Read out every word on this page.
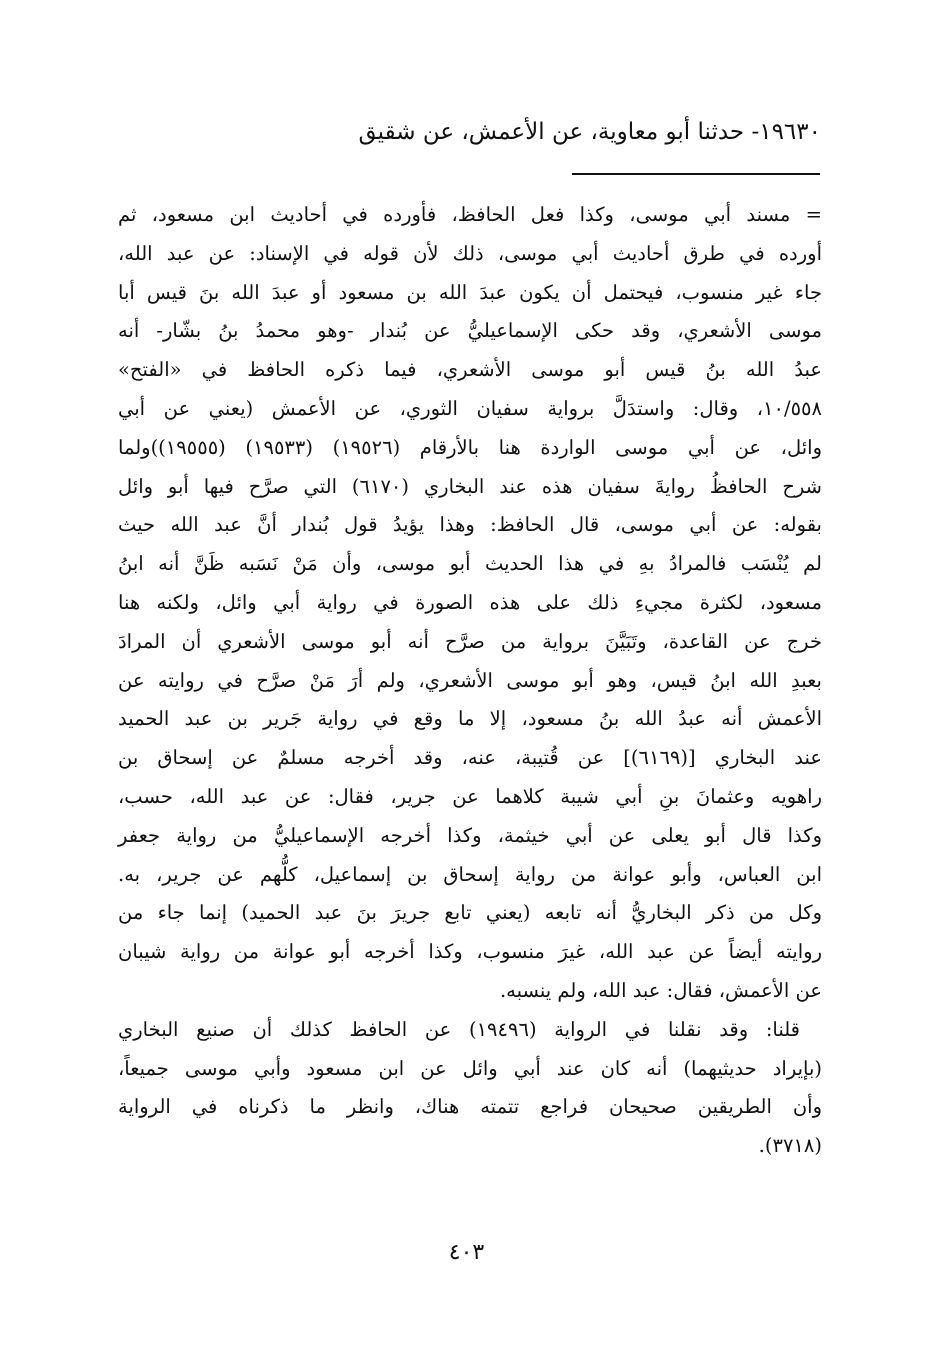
١٩٦٣٠- حدثنا أبو معاوية، عن الأعمش، عن شقيق
= مسند أبي موسى، وكذا فعل الحافظ، فأورده في أحاديث ابن مسعود، ثم
أورده في طرق أحاديث أبي موسى، ذلك لأن قوله في الإسناد: عن عبد الله،
جاء غير منسوب، فيحتمل أن يكون عبدَ الله بن مسعود أو عبدَ الله بنَ قيس أبا
موسى الأشعري، وقد حكى الإسماعيليُّ عن بُندار -وهو محمدُ بنُ بشّار- أنه
عبدُ الله بنُ قيس أبو موسى الأشعري، فيما ذكره الحافظ في «الفتح»
١٠/٥٥٨، وقال: واستدَلَّ برواية سفيان الثوري، عن الأعمش (يعني عن أبي
وائل، عن أبي موسى الواردة هنا بالأرقام (١٩٥٢٦) (١٩٥٣٣) (١٩٥٥٥))ولما
شرح الحافظُ روايةَ سفيان هذه عند البخاري (٦١٧٠) التي صرَّح فيها أبو وائل
بقوله: عن أبي موسى، قال الحافظ: وهذا يؤيدُ قول بُندار أنَّ عبد الله حيث
لم يُنْسَب فالمرادُ بهِ في هذا الحديث أبو موسى، وأن مَنْ نَسَبه ظَنَّ أنه ابنُ
مسعود، لكثرة مجيءِ ذلك على هذه الصورة في رواية أبي وائل، ولكنه هنا
خرج عن القاعدة، وتَبَيَّنَ برواية من صرَّح أنه أبو موسى الأشعري أن المرادَ
بعبدِ الله ابنُ قيس، وهو أبو موسى الأشعري، ولم أرَ مَنْ صرَّح في روايته عن
الأعمش أنه عبدُ الله بنُ مسعود، إلا ما وقع في رواية جَرير بن عبد الحميد
عند البخاري [(٦١٦٩)] عن قُتيبة، عنه، وقد أخرجه مسلمٌ عن إسحاق بن
راهويه وعثمانَ بنِ أبي شيبة كلاهما عن جرير، فقال: عن عبد الله، حسب،
وكذا قال أبو يعلى عن أبي خيثمة، وكذا أخرجه الإسماعيليُّ من رواية جعفر
ابن العباس، وأبو عوانة من رواية إسحاق بن إسماعيل، كلُّهم عن جرير، به.
وكل من ذكر البخاريُّ أنه تابعه (يعني تابع جريرَ بنَ عبد الحميد) إنما جاء من
روايته أيضاً عن عبد الله، غيرَ منسوب، وكذا أخرجه أبو عوانة من رواية شيبان
عن الأعمش، فقال: عبد الله، ولم ينسبه.
قلنا: وقد نقلنا في الرواية (١٩٤٩٦) عن الحافظ كذلك أن صنيع البخاري
(بإيراد حديثيهما) أنه كان عند أبي وائل عن ابن مسعود وأبي موسى جميعاً،
وأن الطريقين صحيحان فراجع تتمته هناك، وانظر ما ذكرناه في الرواية
(٣٧١٨).
٤٠٣
